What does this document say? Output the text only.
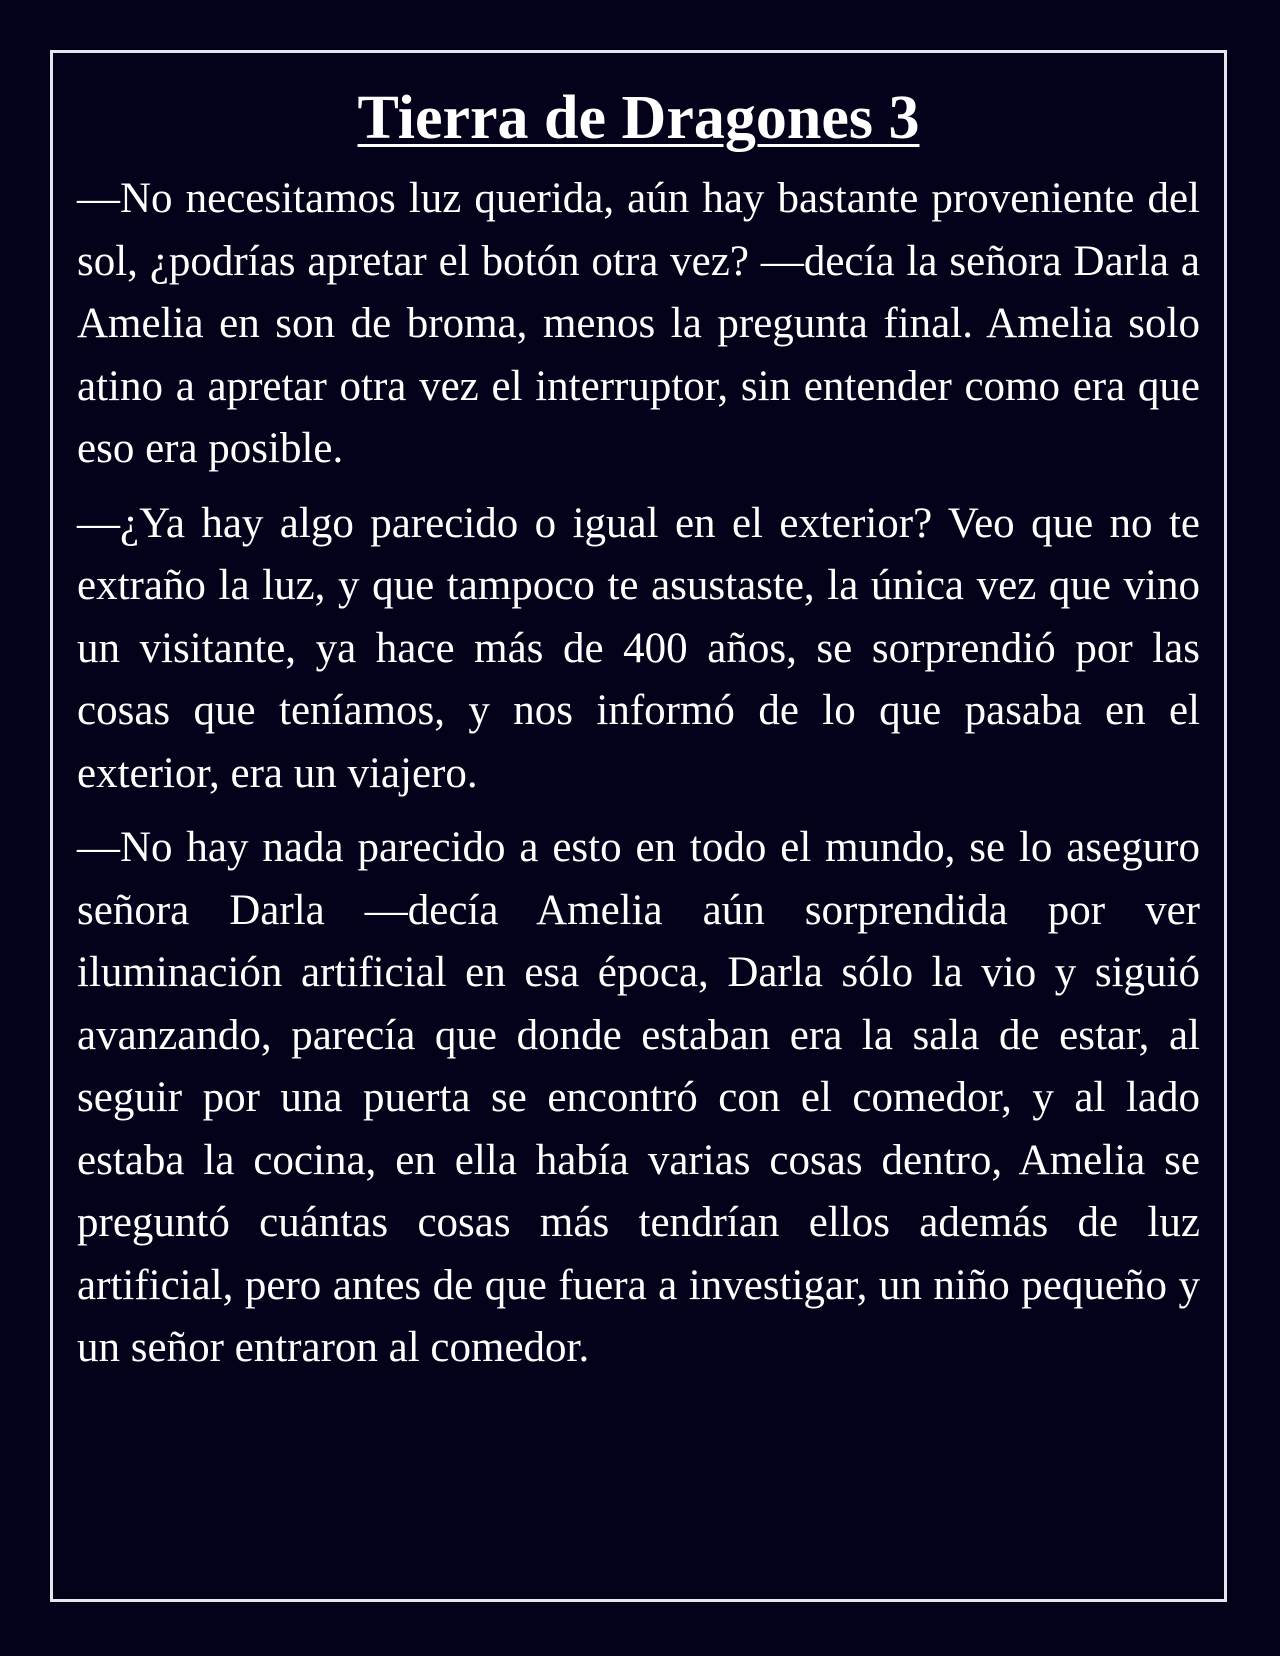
Tierra de Dragones 3

—No necesitamos luz querida, aún hay bastante proveniente del sol, ¿podrías apretar el botón otra vez? —decía la señora Darla a Amelia en son de broma, menos la pregunta final. Amelia solo atino a apretar otra vez el interruptor, sin entender como era que eso era posible.

—¿Ya hay algo parecido o igual en el exterior? Veo que no te extraño la luz, y que tampoco te asustaste, la única vez que vino un visitante, ya hace más de 400 años, se sorprendió por las cosas que teníamos, y nos informó de lo que pasaba en el exterior, era un viajero.

—No hay nada parecido a esto en todo el mundo, se lo aseguro señora Darla —decía Amelia aún sorprendida por ver iluminación artificial en esa época, Darla sólo la vio y siguió avanzando, parecía que donde estaban era la sala de estar, al seguir por una puerta se encontró con el comedor, y al lado estaba la cocina, en ella había varias cosas dentro, Amelia se preguntó cuántas cosas más tendrían ellos además de luz artificial, pero antes de que fuera a investigar, un niño pequeño y un señor entraron al comedor.
